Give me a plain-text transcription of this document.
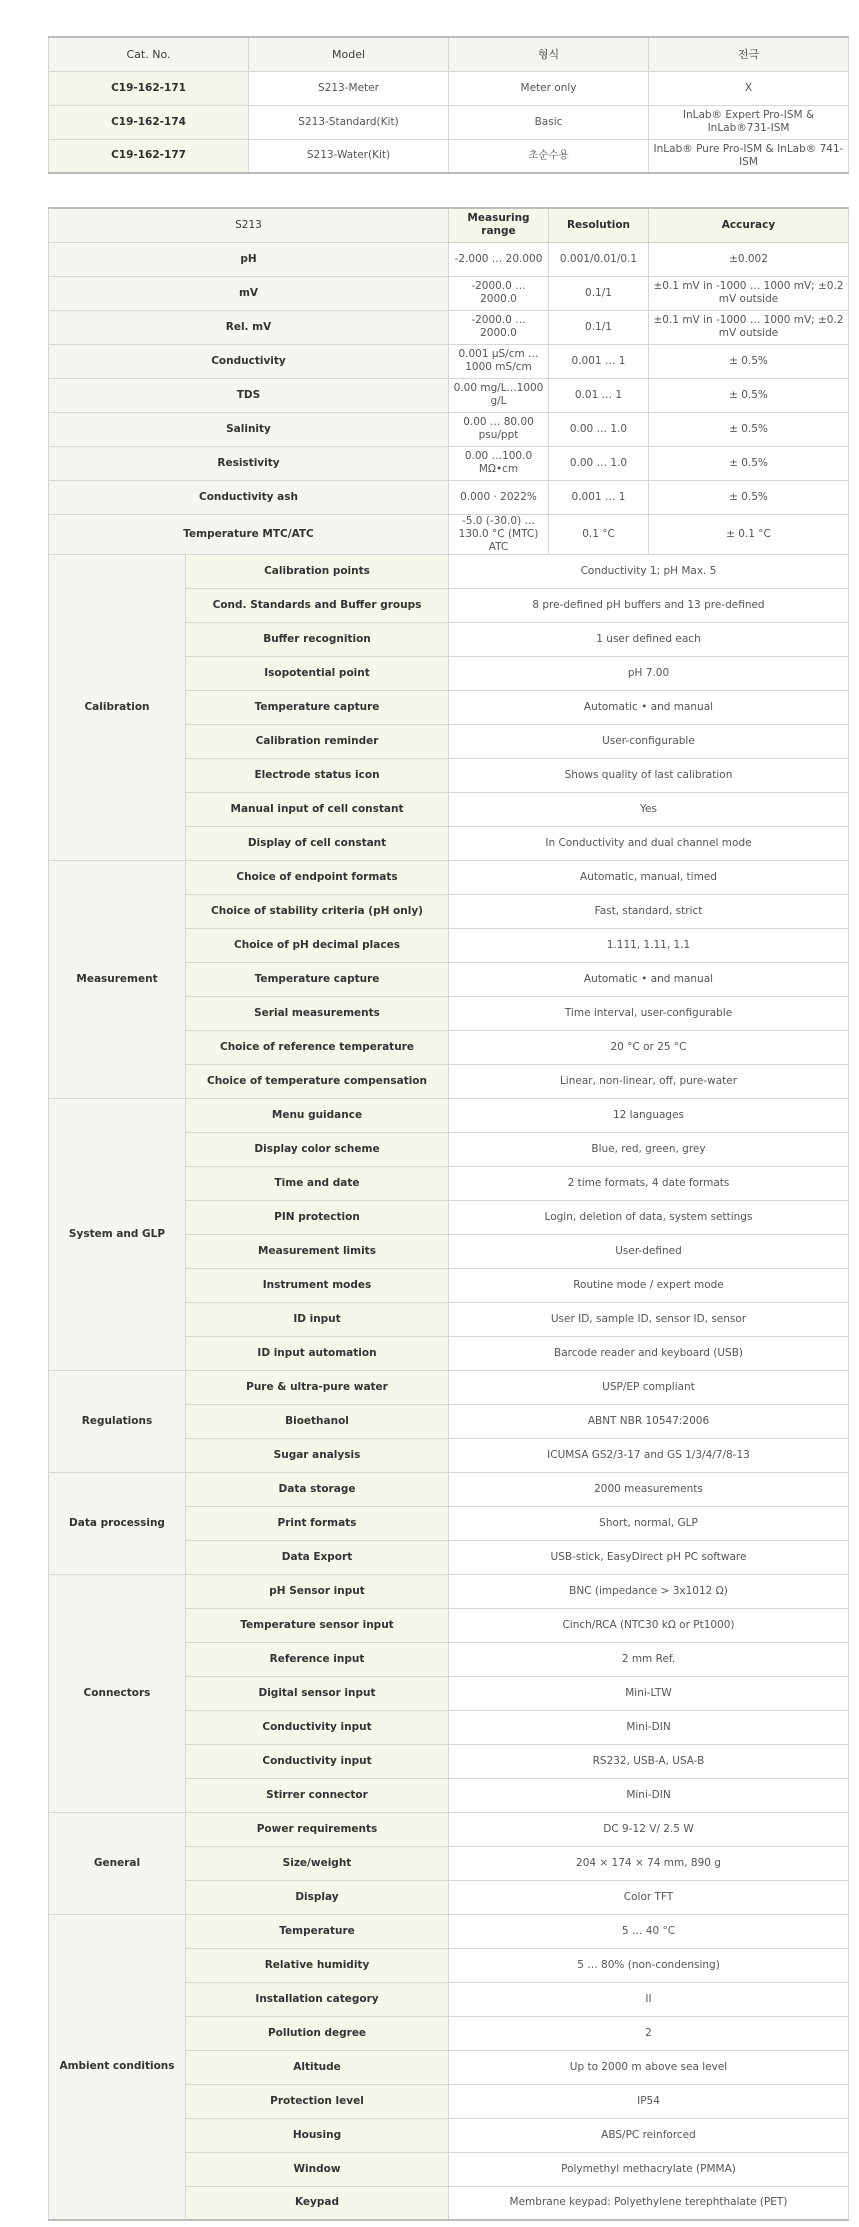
Cat. No.	Model	형식	전극
C19-162-171	S213-Meter	Meter only	X
C19-162-174	S213-Standard(Kit)	Basic	InLab® Expert Pro-ISM & InLab®731-ISM
C19-162-177	S213-Water(Kit)	초순수용	InLab® Pure Pro-ISM & InLab® 741-ISM
S213		Measuring range	Resolution	Accuracy
pH		-2.000 … 20.000	0.001/0.01/0.1	±0.002
mV		-2000.0 … 2000.0	0.1/1	±0.1 mV in -1000 … 1000 mV; ±0.2 mV outside
Rel. mV		-2000.0 … 2000.0	0.1/1	±0.1 mV in -1000 … 1000 mV; ±0.2 mV outside
Conductivity		0.001 µS/cm … 1000 mS/cm	0.001 … 1	± 0.5%
TDS		0.00 mg/L...1000 g/L	0.01 … 1	± 0.5%
Salinity		0.00 … 80.00 psu/ppt	0.00 … 1.0	± 0.5%
Resistivity		0.00 …100.0 MΩ•cm	0.00 … 1.0	± 0.5%
Conductivity ash		0.000 · 2022%	0.001 … 1	± 0.5%
Temperature MTC/ATC		-5.0 (-30.0) … 130.0 °C (MTC) ATC	0.1 °C	± 0.1 °C
Calibration	Calibration points	Conductivity 1; pH Max. 5		
	Cond. Standards and Buffer groups	8 pre-defined pH buffers and 13 pre-defined		
	Buffer recognition	1 user defined each		
	Isopotential point	pH 7.00		
	Temperature capture	Automatic • and manual		
	Calibration reminder	User-configurable		
	Electrode status icon	Shows quality of last calibration		
	Manual input of cell constant	Yes		
	Display of cell constant	In Conductivity and dual channel mode		
Measurement	Choice of endpoint formats	Automatic, manual, timed		
	Choice of stability criteria (pH only)	Fast, standard, strict		
	Choice of pH decimal places	1.111, 1.11, 1.1		
	Temperature capture	Automatic • and manual		
	Serial measurements	Time interval, user-configurable		
	Choice of reference temperature	20 °C or 25 °C		
	Choice of temperature compensation	Linear, non-linear, off, pure-water		
System and GLP	Menu guidance	12 languages		
	Display color scheme	Blue, red, green, grey		
	Time and date	2 time formats, 4 date formats		
	PIN protection	Login, deletion of data, system settings		
	Measurement limits	User-defined		
	Instrument modes	Routine mode / expert mode		
	ID input	User ID, sample ID, sensor ID, sensor		
	ID input automation	Barcode reader and keyboard (USB)		
Regulations	Pure & ultra-pure water	USP/EP compliant		
	Bioethanol	ABNT NBR 10547:2006		
	Sugar analysis	ICUMSA GS2/3-17 and GS 1/3/4/7/8-13		
Data processing	Data storage	2000 measurements		
	Print formats	Short, normal, GLP		
	Data Export	USB-stick, EasyDirect pH PC software		
Connectors	pH Sensor input	BNC (impedance > 3x1012 Ω)		
	Temperature sensor input	Cinch/RCA (NTC30 kΩ or Pt1000)		
	Reference input	2 mm Ref.		
	Digital sensor input	Mini-LTW		
	Conductivity input	Mini-DIN		
	Conductivity input	RS232, USB-A, USA-B		
	Stirrer connector	Mini-DIN		
General	Power requirements	DC 9-12 V/ 2.5 W		
	Size/weight	204 × 174 × 74 mm, 890 g		
	Display	Color TFT		
Ambient conditions	Temperature	5 … 40 °C		
	Relative humidity	5 … 80% (non-condensing)		
	Installation category	II		
	Pollution degree	2		
	Altitude	Up to 2000 m above sea level		
	Protection level	IP54		
	Housing	ABS/PC reinforced		
	Window	Polymethyl methacrylate (PMMA)		
	Keypad	Membrane keypad: Polyethylene terephthalate (PET)		
